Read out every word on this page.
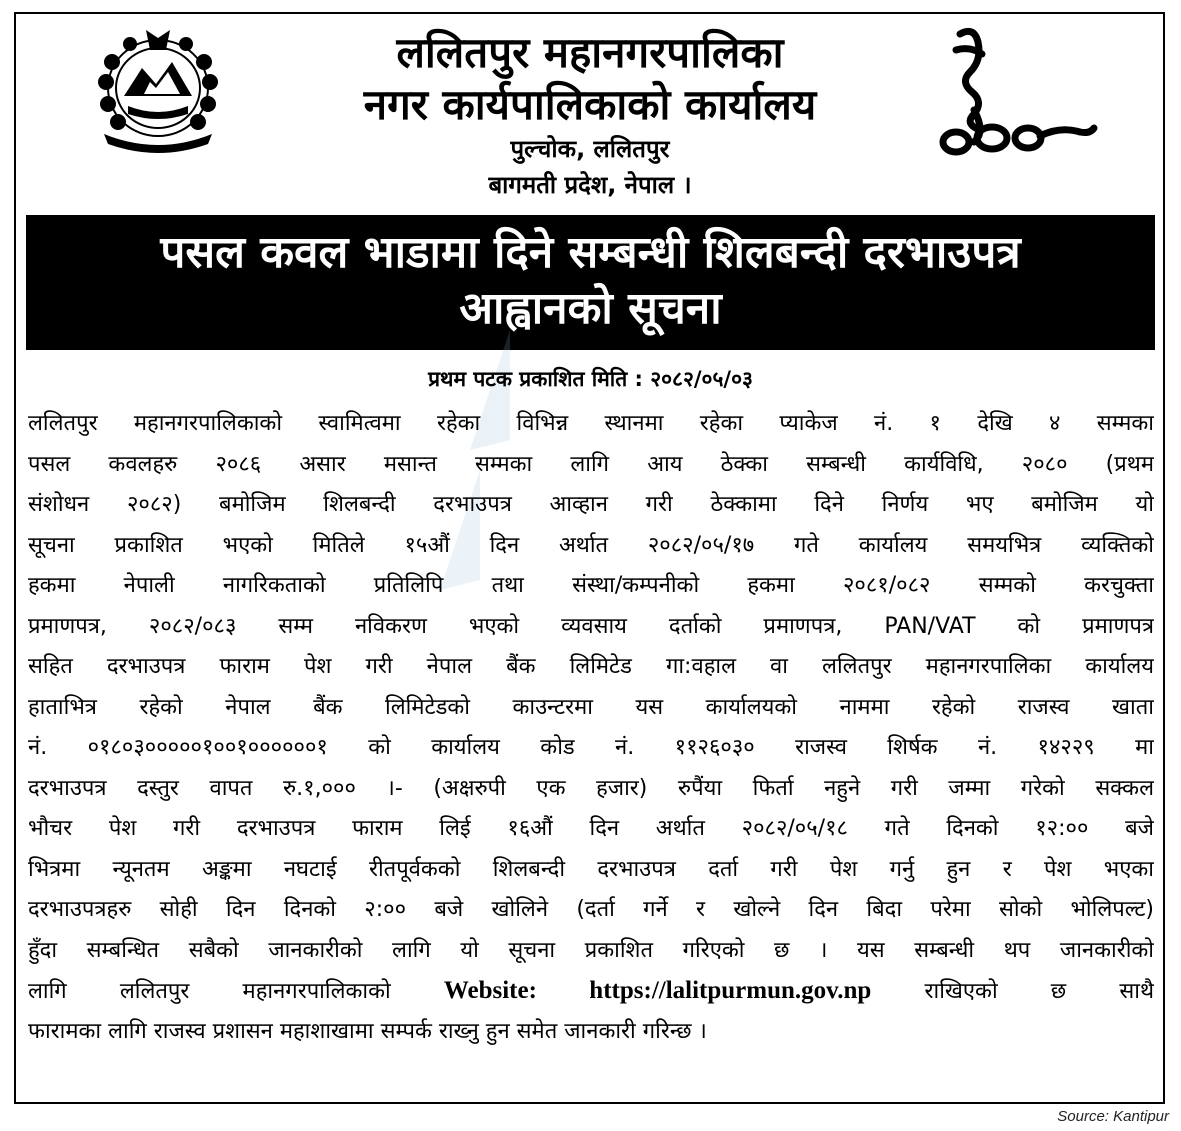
ललितपुर महानगरपालिका
नगर कार्यपालिकाको कार्यालय
पुल्चोक, ललितपुर
बागमती प्रदेश, नेपाल ।
पसल कवल भाडामा दिने सम्बन्धी शिलबन्दी दरभाउपत्र
आह्वानको सूचना
प्रथम पटक प्रकाशित मिति : २०८२/०५/०३
ललितपुर महानगरपालिकाको स्वामित्वमा रहेका विभिन्न स्थानमा रहेका प्याकेज नं. १ देखि ४ सम्मका
पसल कवलहरु २०८६ असार मसान्त सम्मका लागि आय ठेक्का सम्बन्धी कार्यविधि, २०८० (प्रथम
संशोधन २०८२) बमोजिम शिलबन्दी दरभाउपत्र आव्हान गरी ठेक्कामा दिने निर्णय भए बमोजिम यो
सूचना प्रकाशित भएको मितिले १५औं दिन अर्थात २०८२/०५/१७ गते कार्यालय समयभित्र व्यक्तिको
हकमा नेपाली नागरिकताको प्रतिलिपि तथा संस्था/कम्पनीको हकमा २०८१/०८२ सम्मको करचुक्ता
प्रमाणपत्र, २०८२/०८३ सम्म नविकरण भएको व्यवसाय दर्ताको प्रमाणपत्र, PAN/VAT को प्रमाणपत्र
सहित दरभाउपत्र फाराम पेश गरी नेपाल बैंक लिमिटेड गा:वहाल वा ललितपुर महानगरपालिका कार्यालय
हाताभित्र रहेको नेपाल बैंक लिमिटेडको काउन्टरमा यस कार्यालयको नाममा रहेको राजस्व खाता
नं. ०१८०३०००००१००१००००००१ को कार्यालय कोड नं. ११२६०३० राजस्व शिर्षक नं. १४२२९ मा
दरभाउपत्र दस्तुर वापत रु.१,००० ।- (अक्षरुपी एक हजार) रुपैंया फिर्ता नहुने गरी जम्मा गरेको सक्कल
भौचर पेश गरी दरभाउपत्र फाराम लिई १६औं दिन अर्थात २०८२/०५/१८ गते दिनको १२:०० बजे
भित्रमा न्यूनतम अङ्कमा नघटाई रीतपूर्वकको शिलबन्दी दरभाउपत्र दर्ता गरी पेश गर्नु हुन र पेश भएका
दरभाउपत्रहरु सोही दिन दिनको २:०० बजे खोलिने (दर्ता गर्ने र खोल्ने दिन बिदा परेमा सोको भोलिपल्ट)
हुँदा सम्बन्धित सबैको जानकारीको लागि यो सूचना प्रकाशित गरिएको छ । यस सम्बन्धी थप जानकारीको
लागि ललितपुर महानगरपालिकाको Website: https://lalitpurmun.gov.np राखिएको छ साथै
फारामका लागि राजस्व प्रशासन महाशाखामा सम्पर्क राख्नु हुन समेत जानकारी गरिन्छ ।
Source: Kantipur
